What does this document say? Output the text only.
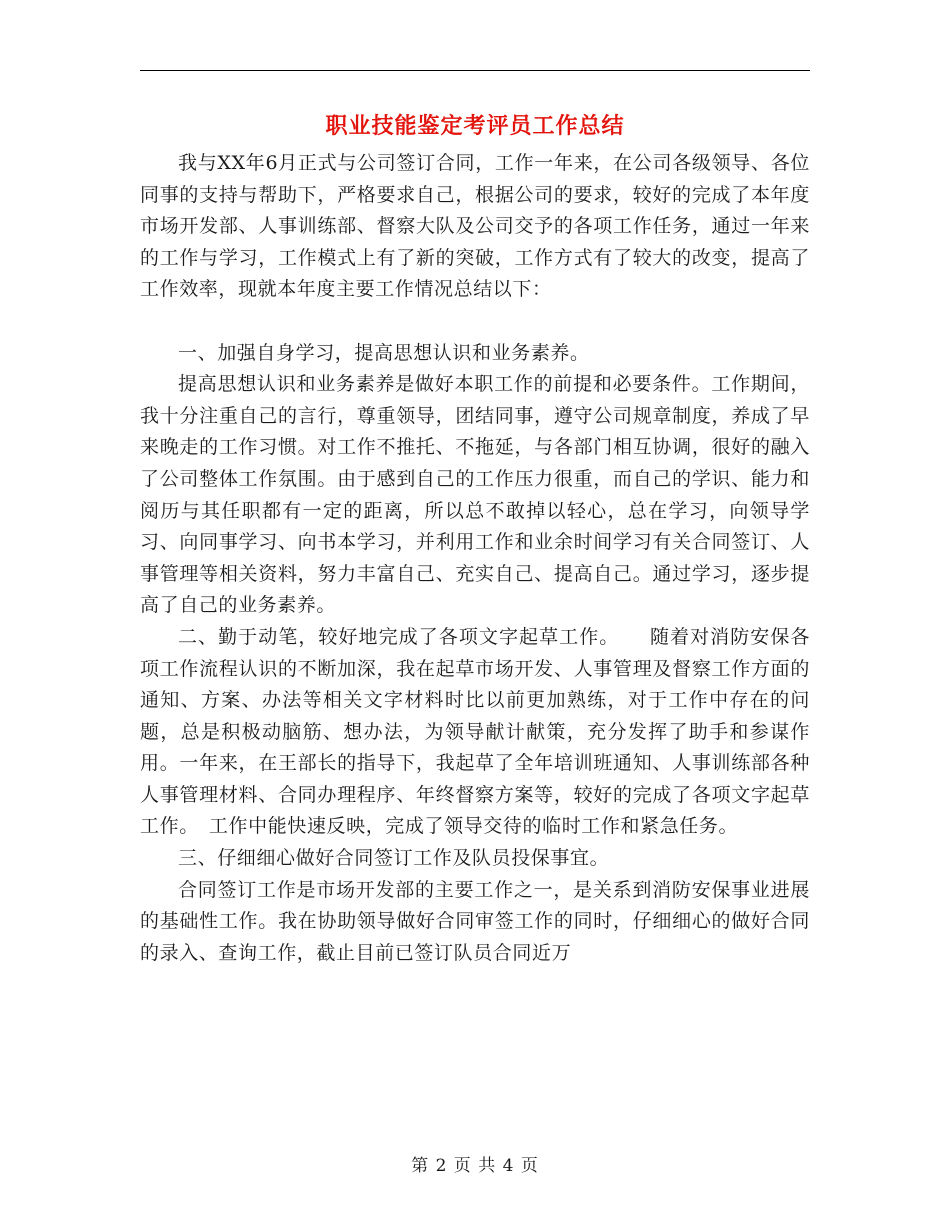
职业技能鉴定考评员工作总结

我与XX年6月正式与公司签订合同，工作一年来，在公司各级领导、各位同事的支持与帮助下，严格要求自己，根据公司的要求，较好的完成了本年度市场开发部、人事训练部、督察大队及公司交予的各项工作任务，通过一年来的工作与学习，工作模式上有了新的突破，工作方式有了较大的改变，提高了工作效率，现就本年度主要工作情况总结以下：

一、加强自身学习，提高思想认识和业务素养。

提高思想认识和业务素养是做好本职工作的前提和必要条件。工作期间，我十分注重自己的言行，尊重领导，团结同事，遵守公司规章制度，养成了早来晚走的工作习惯。对工作不推托、不拖延，与各部门相互协调，很好的融入了公司整体工作氛围。由于感到自己的工作压力很重，而自己的学识、能力和阅历与其任职都有一定的距离，所以总不敢掉以轻心，总在学习，向领导学习、向同事学习、向书本学习，并利用工作和业余时间学习有关合同签订、人事管理等相关资料，努力丰富自己、充实自己、提高自己。通过学习，逐步提高了自己的业务素养。

二、勤于动笔，较好地完成了各项文字起草工作。　　随着对消防安保各项工作流程认识的不断加深，我在起草市场开发、人事管理及督察工作方面的通知、方案、办法等相关文字材料时比以前更加熟练，对于工作中存在的问题，总是积极动脑筋、想办法，为领导献计献策，充分发挥了助手和参谋作用。一年来，在王部长的指导下，我起草了全年培训班通知、人事训练部各种人事管理材料、合同办理程序、年终督察方案等，较好的完成了各项文字起草工作。　工作中能快速反映，完成了领导交待的临时工作和紧急任务。

三、仔细细心做好合同签订工作及队员投保事宜。

合同签订工作是市场开发部的主要工作之一，是关系到消防安保事业进展的基础性工作。我在协助领导做好合同审签工作的同时，仔细细心的做好合同的录入、查询工作，截止目前已签订队员合同近万

第 2 页 共 4 页
